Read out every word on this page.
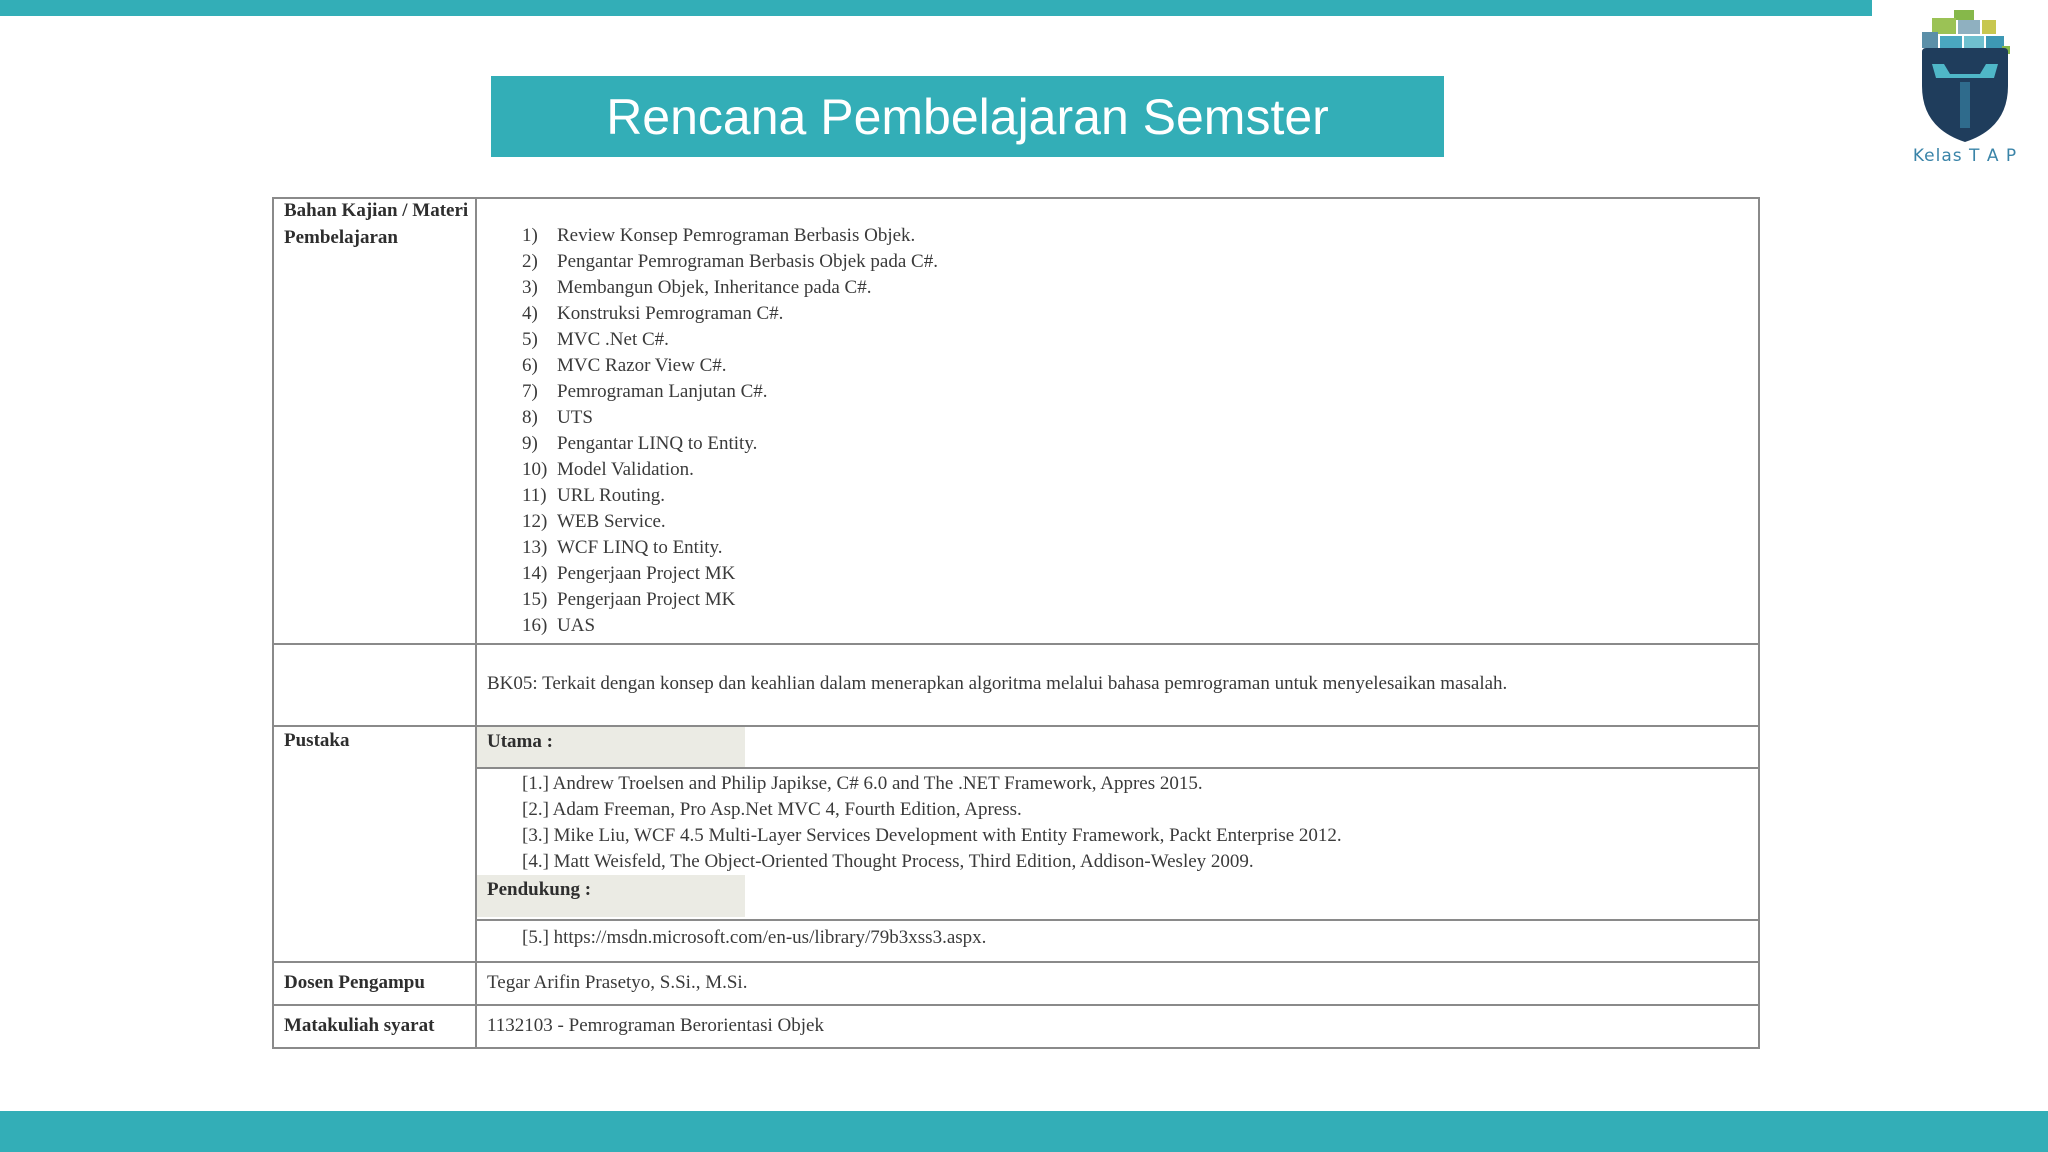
Rencana Pembelajaran Semster
Kelas T A P
Bahan Kajian / Materi Pembelajaran	1) Review Konsep Pemrograman Berbasis Objek.
2) Pengantar Pemrograman Berbasis Objek pada C#.
3) Membangun Objek, Inheritance pada C#.
4) Konstruksi Pemrograman C#.
5) MVC .Net C#.
6) MVC Razor View C#.
7) Pemrograman Lanjutan C#.
8) UTS
9) Pengantar LINQ to Entity.
10) Model Validation.
11) URL Routing.
12) WEB Service.
13) WCF LINQ to Entity.
14) Pengerjaan Project MK
15) Pengerjaan Project MK
16) UAS
BK05: Terkait dengan konsep dan keahlian dalam menerapkan algoritma melalui bahasa pemrograman untuk menyelesaikan masalah.
Pustaka	Utama :
[1.] Andrew Troelsen and Philip Japikse, C# 6.0 and The .NET Framework, Appres 2015.
[2.] Adam Freeman, Pro Asp.Net MVC 4, Fourth Edition, Apress.
[3.] Mike Liu, WCF 4.5 Multi-Layer Services Development with Entity Framework, Packt Enterprise 2012.
[4.] Matt Weisfeld, The Object-Oriented Thought Process, Third Edition, Addison-Wesley 2009.
Pendukung :
[5.] https://msdn.microsoft.com/en-us/library/79b3xss3.aspx.
Dosen Pengampu	Tegar Arifin Prasetyo, S.Si., M.Si.
Matakuliah syarat	1132103 - Pemrograman Berorientasi Objek
